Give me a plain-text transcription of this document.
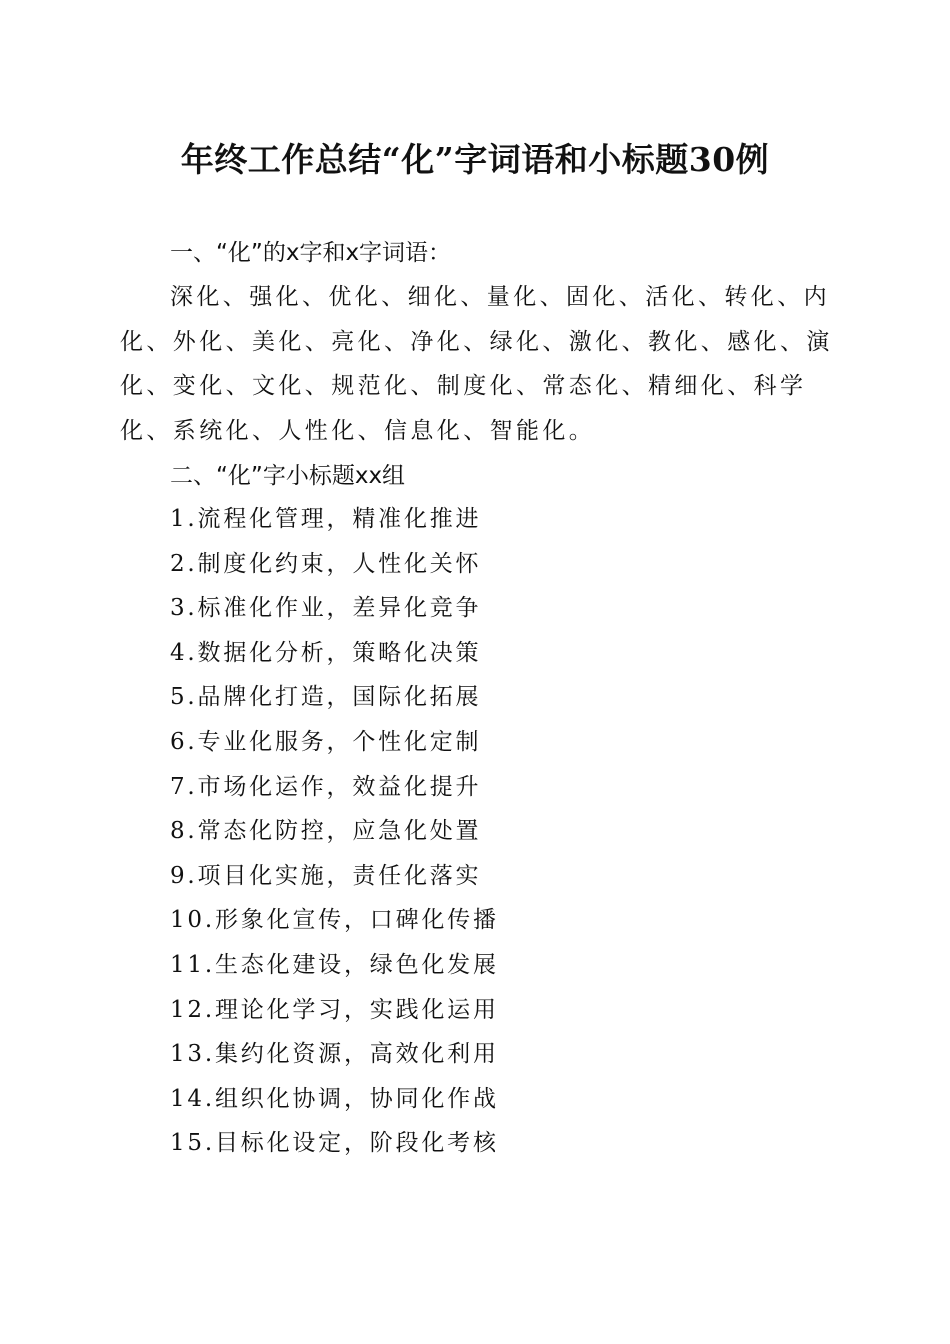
年终工作总结“化”字词语和小标题30例
一、“化”的x字和x字词语：

深化、强化、优化、细化、量化、固化、活化、转化、内化、外化、美化、亮化、净化、绿化、激化、教化、感化、演化、变化、文化、规范化、制度化、常态化、精细化、科学化、系统化、人性化、信息化、智能化。

二、“化”字小标题xx组
1.流程化管理，精准化推进
2.制度化约束，人性化关怀
3.标准化作业，差异化竞争
4.数据化分析，策略化决策
5.品牌化打造，国际化拓展
6.专业化服务，个性化定制
7.市场化运作，效益化提升
8.常态化防控，应急化处置
9.项目化实施，责任化落实
10.形象化宣传，口碑化传播
11.生态化建设，绿色化发展
12.理论化学习，实践化运用
13.集约化资源，高效化利用
14.组织化协调，协同化作战
15.目标化设定，阶段化考核
